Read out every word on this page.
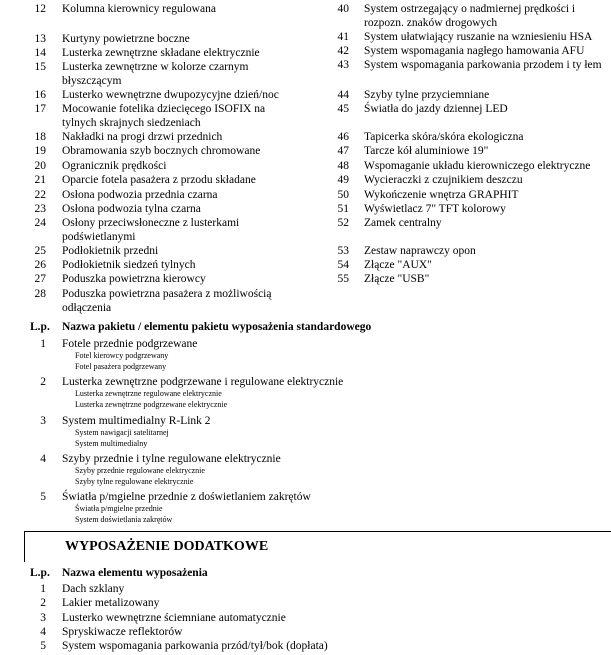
12 Kolumna kierownicy regulowana
13 Kurtyny powietrzne boczne
14 Lusterka zewnętrzne składane elektrycznie
15 Lusterka zewnętrzne w kolorze czarnym
błyszczącym
16 Lusterko wewnętrzne dwupozycyjne dzień/noc
17 Mocowanie fotelika dziecięcego ISOFIX na
tylnych skrajnych siedzeniach
18 Nakładki na progi drzwi przednich
19 Obramowania szyb bocznych chromowane
20 Ogranicznik prędkości
21 Oparcie fotela pasażera z przodu składane
22 Osłona podwozia przednia czarna
23 Osłona podwozia tylna czarna
24 Osłony przeciwsłoneczne z lusterkami
podświetlanymi
25 Podłokietnik przedni
26 Podłokietnik siedzeń tylnych
27 Poduszka powietrzna kierowcy
28 Poduszka powietrzna pasażera z możliwością
odłączenia
40 System ostrzegający o nadmiernej prędkości i
rozpozn. znaków drogowych
41 System ułatwiający ruszanie na wzniesieniu HSA
42 System wspomagania nagłego hamowania AFU
43 System wspomagania parkowania przodem i ty łem
44 Szyby tylne przyciemniane
45 Światła do jazdy dziennej LED
46 Tapicerka skóra/skóra ekologiczna
47 Tarcze kół aluminiowe 19"
48 Wspomaganie układu kierowniczego elektryczne
49 Wycieraczki z czujnikiem deszczu
50 Wykończenie wnętrza GRAPHIT
51 Wyświetlacz 7" TFT kolorowy
52 Zamek centralny
53 Zestaw naprawczy opon
54 Złącze "AUX"
55 Złącze "USB"
L.p. Nazwa pakietu / elementu pakietu wyposażenia standardowego
1 Fotele przednie podgrzewane
Fotel kierowcy podgrzewany
Fotel pasażera podgrzewany
2 Lusterka zewnętrzne podgrzewane i regulowane elektrycznie
Lusterka zewnętrzne regulowane elektrycznie
Lusterka zewnętrzne podgrzewane elektrycznie
3 System multimedialny R-Link 2
System nawigacji satelitarnej
System multimedialny
4 Szyby przednie i tylne regulowane elektrycznie
Szyby przednie regulowane elektrycznie
Szyby tylne regulowane elektrycznie
5 Światła p/mgielne przednie z doświetlaniem zakrętów
Światła p/mgielne przednie
System doświetlania zakrętów
WYPOSAŻENIE DODATKOWE
L.p. Nazwa elementu wyposażenia
1 Dach szklany
2 Lakier metalizowany
3 Lusterko wewnętrzne ściemniane automatycznie
4 Spryskiwacze reflektorów
5 System wspomagania parkowania przód/tył/bok (dopłata)
